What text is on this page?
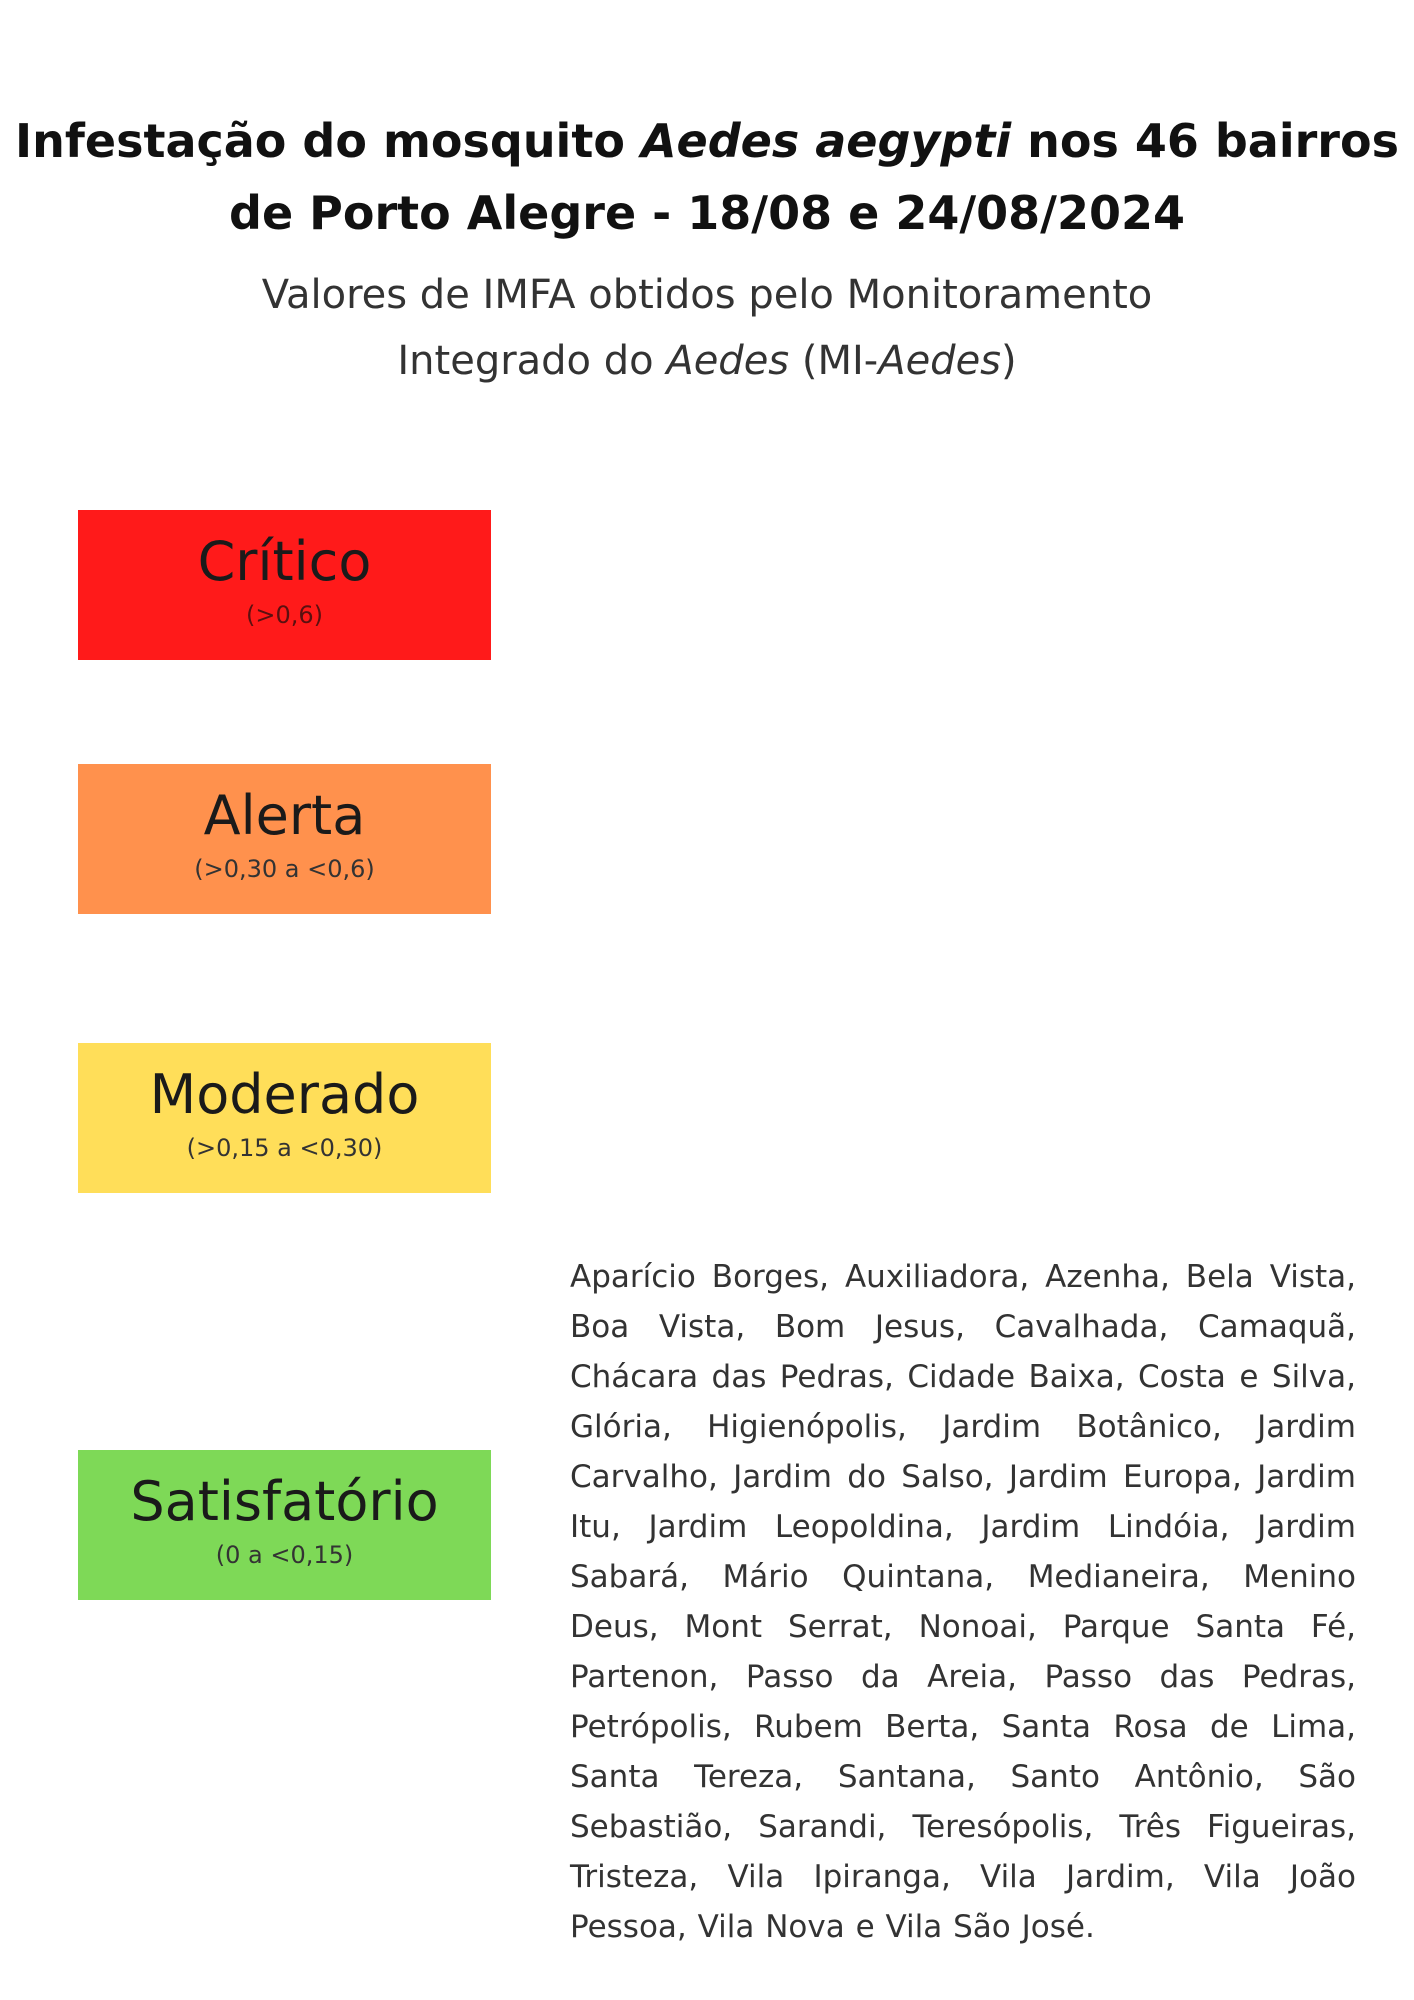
Infestação do mosquito Aedes aegypti nos 46 bairros
de Porto Alegre - 18/08 e 24/08/2024

Valores de IMFA obtidos pelo Monitoramento
Integrado do Aedes (MI-Aedes)

Crítico
(>0,6)
Alerta
(>0,30 a <0,6)
Moderado
(>0,15 a <0,30)
Satisfatório
(0 a <0,15)

Aparício Borges, Auxiliadora, Azenha, Bela Vista, Boa Vista, Bom Jesus, Cavalhada, Camaquã, Chácara das Pedras, Cidade Baixa, Costa e Silva, Glória, Higienópolis, Jardim Botânico, Jardim Carvalho, Jardim do Salso, Jardim Europa, Jardim Itu, Jardim Leopoldina, Jardim Lindóia, Jardim Sabará, Mário Quintana, Medianeira, Menino Deus, Mont Serrat, Nonoai, Parque Santa Fé, Partenon, Passo da Areia, Passo das Pedras, Petrópolis, Rubem Berta, Santa Rosa de Lima, Santa Tereza, Santana, Santo Antônio, São Sebastião, Sarandi, Teresópolis, Três Figueiras, Tristeza, Vila Ipiranga, Vila Jardim, Vila João Pessoa, Vila Nova e Vila São José.
